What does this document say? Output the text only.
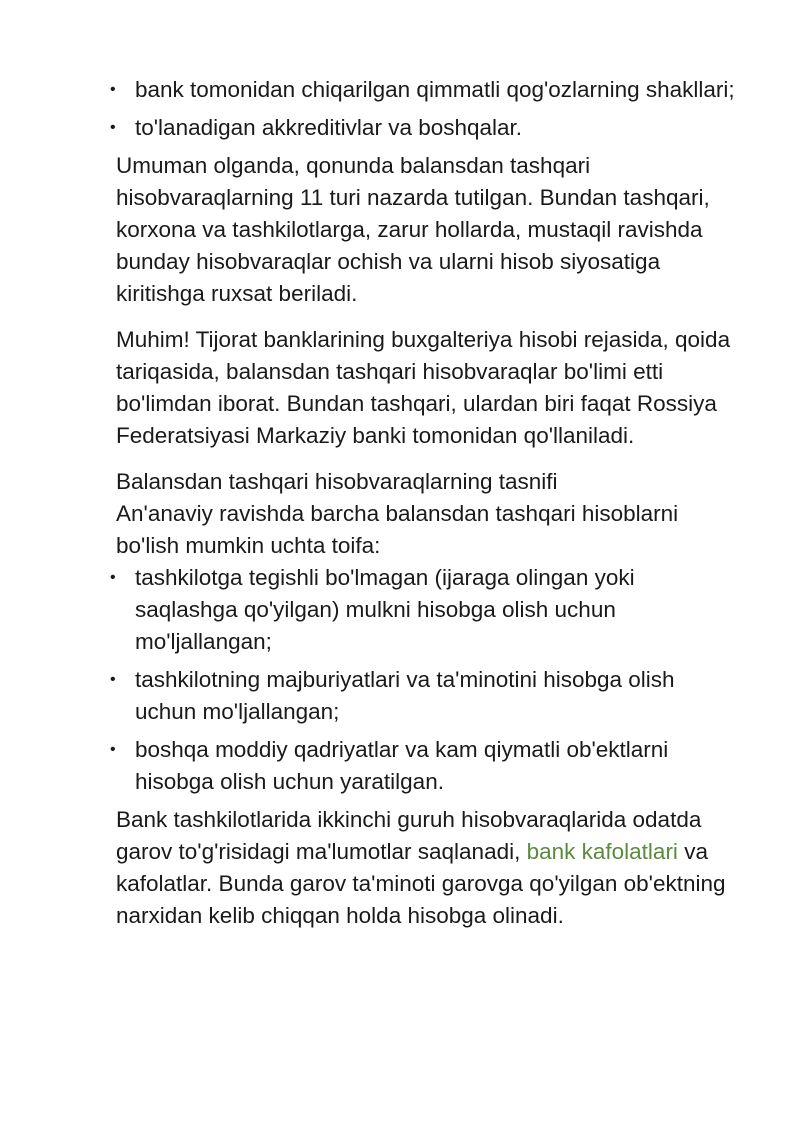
• bank tomonidan chiqarilgan qimmatli qog'ozlarning shakllari;
• to'lanadigan akkreditivlar va boshqalar.

Umuman olganda, qonunda balansdan tashqari hisobvaraqlarning 11 turi nazarda tutilgan. Bundan tashqari, korxona va tashkilotlarga, zarur hollarda, mustaqil ravishda bunday hisobvaraqlar ochish va ularni hisob siyosatiga kiritishga ruxsat beriladi.

Muhim! Tijorat banklarining buxgalteriya hisobi rejasida, qoida tariqasida, balansdan tashqari hisobvaraqlar bo'limi etti bo'limdan iborat. Bundan tashqari, ulardan biri faqat Rossiya Federatsiyasi Markaziy banki tomonidan qo'llaniladi.

Balansdan tashqari hisobvaraqlarning tasnifi

An'anaviy ravishda barcha balansdan tashqari hisoblarni bo'lish mumkin uchta toifa:

• tashkilotga tegishli bo'lmagan (ijaraga olingan yoki saqlashga qo'yilgan) mulkni hisobga olish uchun mo'ljallangan;
• tashkilotning majburiyatlari va ta'minotini hisobga olish uchun mo'ljallangan;
• boshqa moddiy qadriyatlar va kam qiymatli ob'ektlarni hisobga olish uchun yaratilgan.

Bank tashkilotlarida ikkinchi guruh hisobvaraqlarida odatda garov to'g'risidagi ma'lumotlar saqlanadi, bank kafolatlari va kafolatlar. Bunda garov ta'minoti garovga qo'yilgan ob'ektning narxidan kelib chiqqan holda hisobga olinadi.
